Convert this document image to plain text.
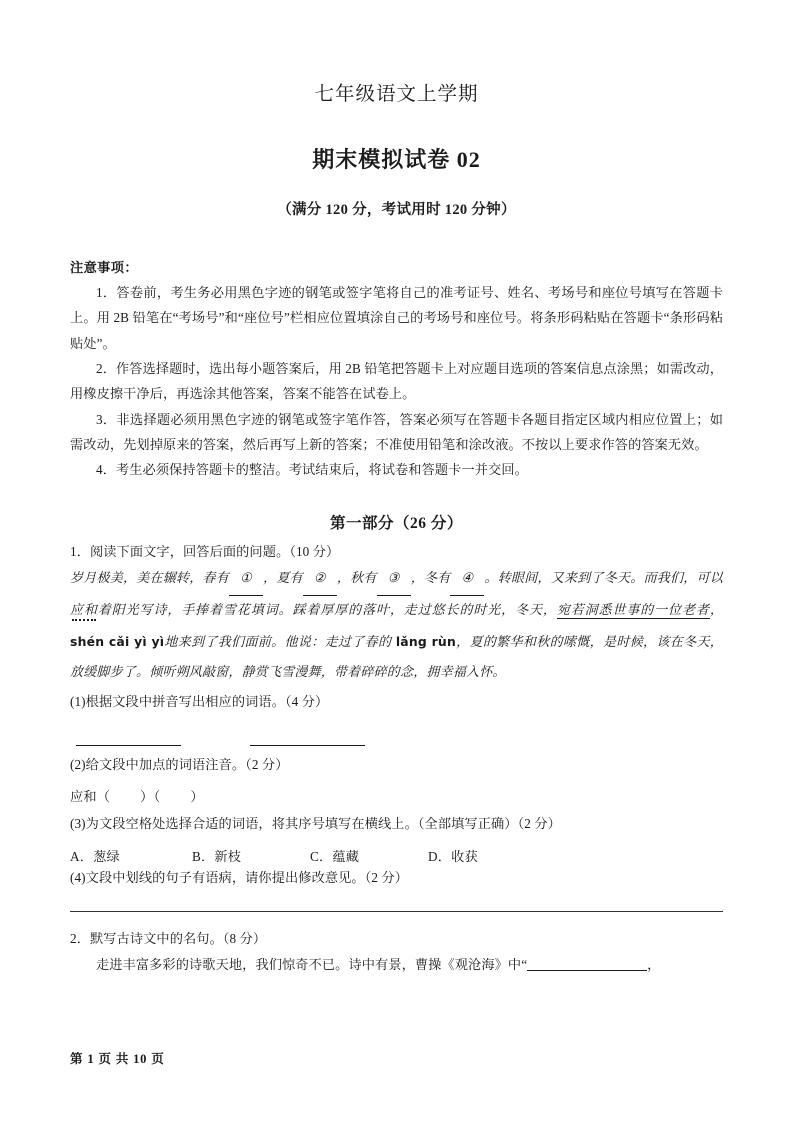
七年级语文上学期
期末模拟试卷 02

（满分 120 分，考试用时 120 分钟）

注意事项：

1．答卷前，考生务必用黑色字迹的钢笔或签字笔将自己的准考证号、姓名、考场号和座位号填写在答题卡上。用 2B 铅笔在“考场号”和“座位号”栏相应位置填涂自己的考场号和座位号。将条形码粘贴在答题卡“条形码粘贴处”。

2．作答选择题时，选出每小题答案后，用 2B 铅笔把答题卡上对应题目选项的答案信息点涂黑；如需改动，用橡皮擦干净后，再选涂其他答案，答案不能答在试卷上。

3．非选择题必须用黑色字迹的钢笔或签字笔作答，答案必须写在答题卡各题目指定区域内相应位置上；如需改动，先划掉原来的答案，然后再写上新的答案；不准使用铅笔和涂改液。不按以上要求作答的答案无效。

4．考生必须保持答题卡的整洁。考试结束后，将试卷和答题卡一并交回。

第一部分（26 分）

1．阅读下面文字，回答后面的问题。（10 分）

岁月极美，美在辗转，春有 ① ，夏有 ② ，秋有 ③ ，冬有 ④ 。转眼间，又来到了冬天。而我们，可以应和着阳光写诗，手捧着雪花填词。踩着厚厚的落叶，走过悠长的时光，冬天，宛若洞悉世事的一位老者，shén cǎi yì yì地来到了我们面前。他说：走过了春的 lǎng rùn，夏的繁华和秋的嗦慨，是时候，该在冬天，放缓脚步了。倾听朔风敲窗，静赏飞雪漫舞，带着碎碎的念，拥幸福入怀。

(1)根据文段中拼音写出相应的词语。（4 分）

(2)给文段中加点的词语注音。（2 分）

应和（ ）（ ）

(3)为文段空格处选择合适的词语，将其序号填写在横线上。（全部填写正确）（2 分）

A．葱绿	B．新枝	C．蕴藏	D．收获

(4)文段中划线的句子有语病，请你提出修改意见。（2 分）

2．默写古诗文中的名句。（8 分）

走进丰富多彩的诗歌天地，我们惊奇不已。诗中有景，曹操《观沧海》中“	，

第 1 页 共 10 页
